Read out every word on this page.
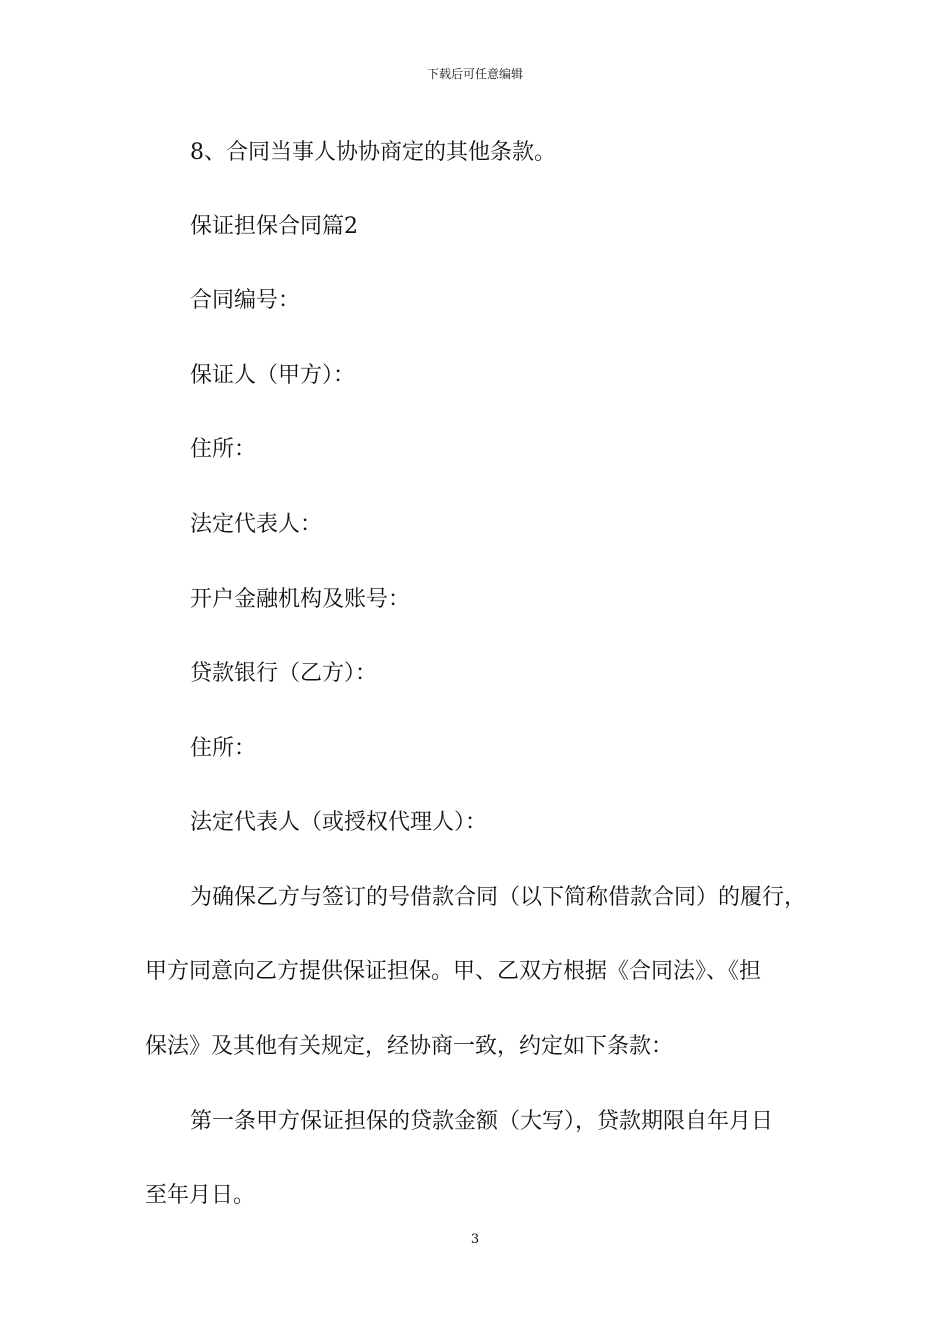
下载后可任意编辑
8、合同当事人协协商定的其他条款。
保证担保合同篇2
合同编号：
保证人（甲方）：
住所：
法定代表人：
开户金融机构及账号：
贷款银行（乙方）：
住所：
法定代表人（或授权代理人）：
为确保乙方与签订的号借款合同（以下简称借款合同）的履行，
甲方同意向乙方提供保证担保。甲、乙双方根据《合同法》、《担
保法》及其他有关规定，经协商一致，约定如下条款：
第一条甲方保证担保的贷款金额（大写），贷款期限自年月日
至年月日。
3
